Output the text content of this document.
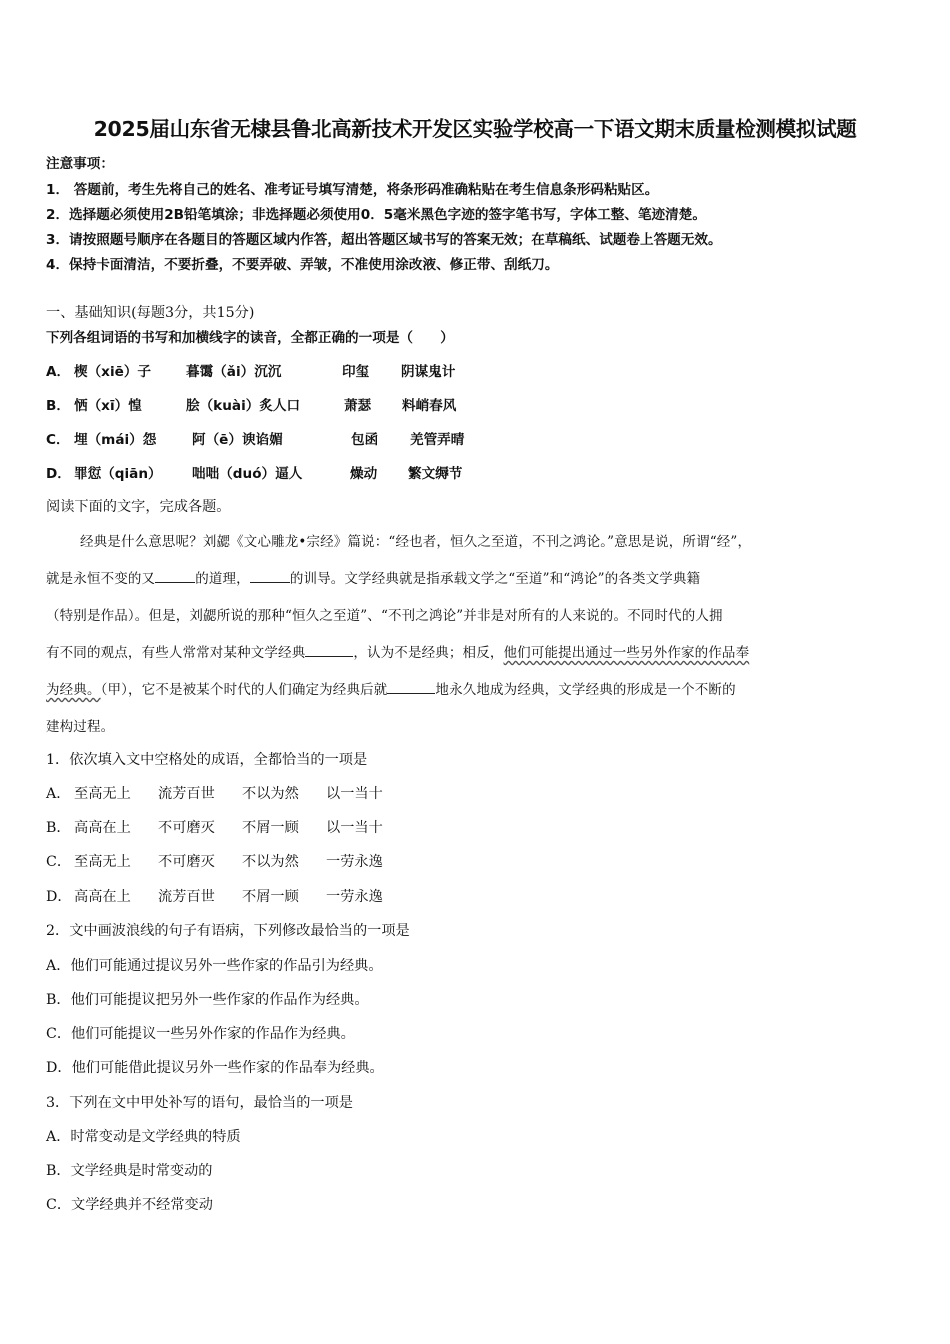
2025届山东省无棣县鲁北高新技术开发区实验学校高一下语文期末质量检测模拟试题
注意事项：
1． 答题前，考生先将自己的姓名、准考证号填写清楚，将条形码准确粘贴在考生信息条形码粘贴区。
2．选择题必须使用2B铅笔填涂；非选择题必须使用0．5毫米黑色字迹的签字笔书写，字体工整、笔迹清楚。
3．请按照题号顺序在各题目的答题区域内作答，超出答题区域书写的答案无效；在草稿纸、试题卷上答题无效。
4．保持卡面清洁，不要折叠，不要弄破、弄皱，不准使用涂改液、修正带、刮纸刀。
一、基础知识(每题3分，共15分)
下列各组词语的书写和加横线字的读音，全都正确的一项是（　　）
A． 楔（xiē）子	暮霭（ǎi）沉沉	印玺 阴谋鬼计
B． 恓（xī）惶	脍（kuài）炙人口	萧瑟 料峭春风
C． 埋（mái）怨	阿（ē）谀谄媚	包函 羌管弄晴
D． 罪愆（qiān） 咄咄（duó）逼人	燥动 繁文缛节
阅读下面的文字，完成各题。
经典是什么意思呢？刘勰《文心雕龙•宗经》篇说：“经也者，恒久之至道，不刊之鸿论。”意思是说，所谓“经”，
就是永恒不变的又	的道理，	的训导。文学经典就是指承载文学之“至道”和“鸿论”的各类文学典籍
（特别是作品）。但是，刘勰所说的那种“恒久之至道”、“不刊之鸿论”并非是对所有的人来说的。不同时代的人拥
有不同的观点，有些人常常对某种文学经典	，认为不是经典；相反，他们可能提出通过一些另外作家的作品奉
为经典。（甲），它不是被某个时代的人们确定为经典后就	地永久地成为经典，文学经典的形成是一个不断的
建构过程。
1．依次填入文中空格处的成语，全都恰当的一项是
A． 至高无上 流芳百世 不以为然 以一当十
B． 高高在上 不可磨灭 不屑一顾 以一当十
C． 至高无上 不可磨灭 不以为然 一劳永逸
D． 高高在上 流芳百世 不屑一顾 一劳永逸
2．文中画波浪线的句子有语病，下列修改最恰当的一项是
A．他们可能通过提议另外一些作家的作品引为经典。
B．他们可能提议把另外一些作家的作品作为经典。
C．他们可能提议一些另外作家的作品作为经典。
D．他们可能借此提议另外一些作家的作品奉为经典。
3．下列在文中甲处补写的语句，最恰当的一项是
A．时常变动是文学经典的特质
B．文学经典是时常变动的
C．文学经典并不经常变动
